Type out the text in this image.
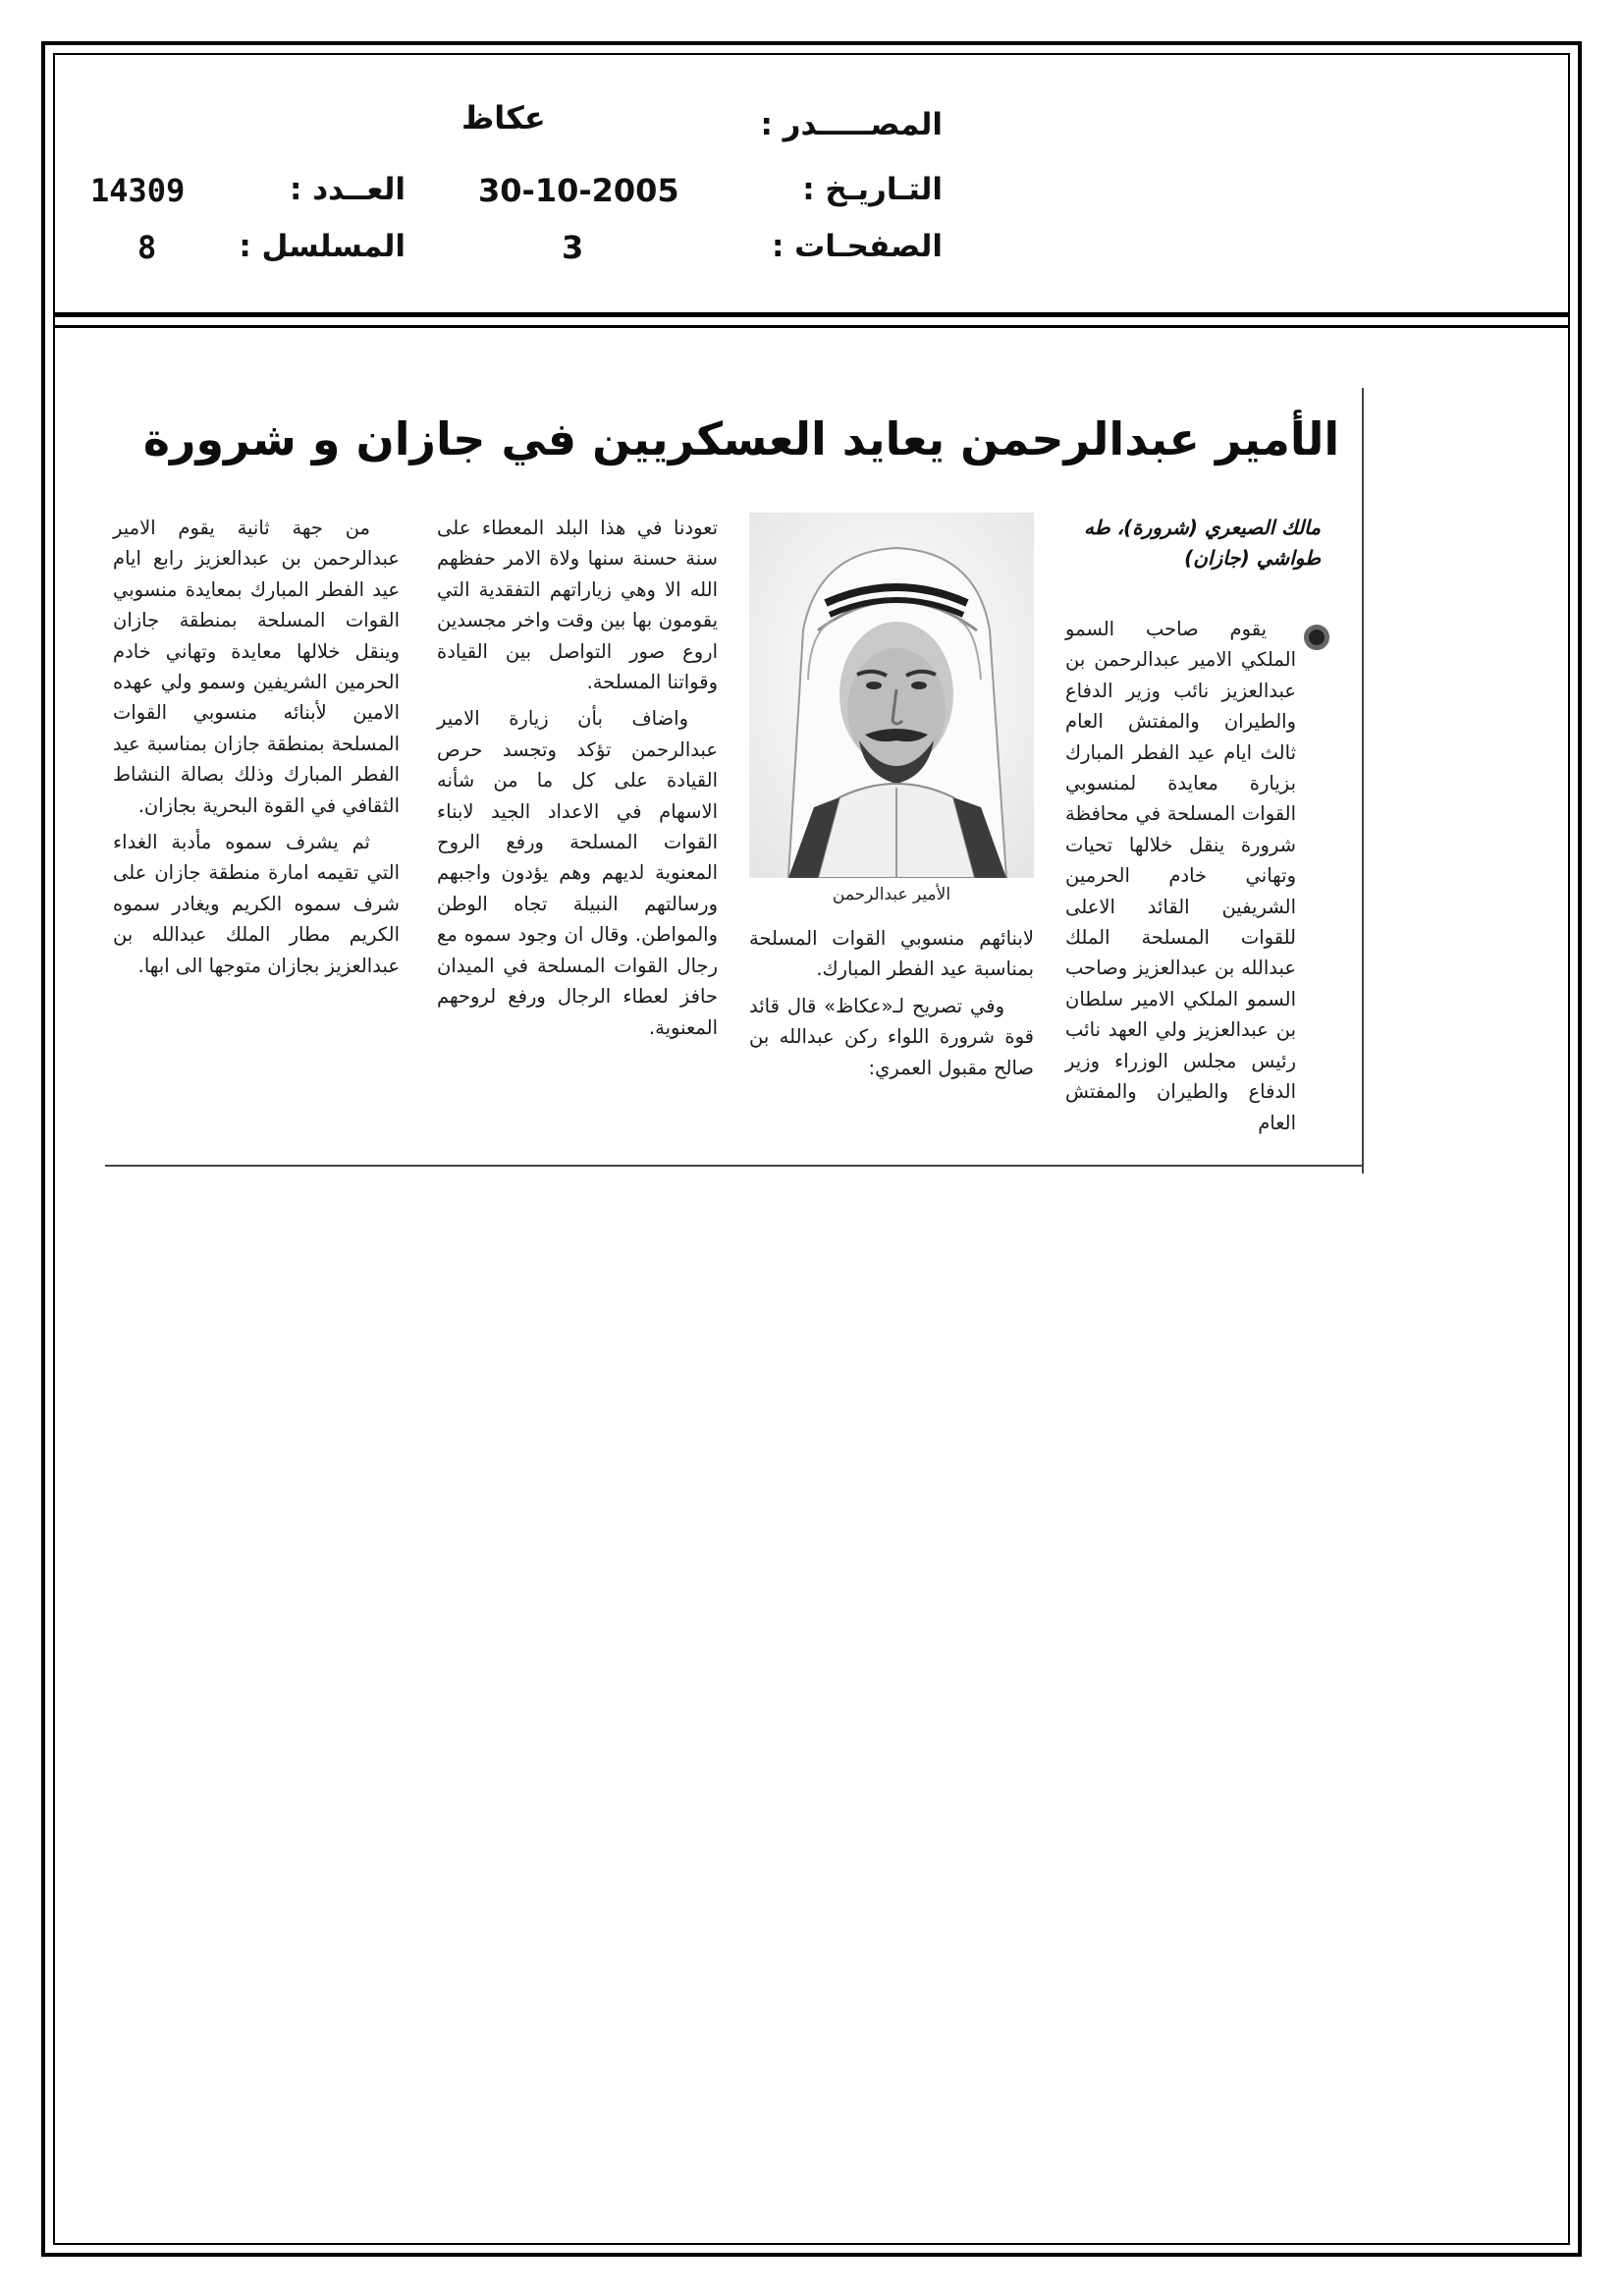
المصـــــدر :
عكاظ
التـاريـخ :
30-10-2005
الصفحـات :
3
العــدد :
14309
المسلسل :
8
الأمير عبدالرحمن يعايد العسكريين في جازان و شرورة
مالك الصيعري (شرورة)، طه
طواشي (جازان)
الأمير عبدالرحمن

يقوم صاحب السمو الملكي الامير عبدالرحمن بن عبدالعزيز نائب وزير الدفاع والطيران والمفتش العام ثالث ايام عيد الفطر المبارك بزيارة معايدة لمنسوبي القوات المسلحة في محافظة شرورة ينقل خلالها تحيات وتهاني خادم الحرمين الشريفين القائد الاعلى للقوات المسلحة الملك عبدالله بن عبدالعزيز وصاحب السمو الملكي الامير سلطان بن عبدالعزيز ولي العهد نائب رئيس مجلس الوزراء وزير الدفاع والطيران والمفتش العام

لابنائهم منسوبي القوات المسلحة بمناسبة عيد الفطر المبارك.

وفي تصريح لـ«عكاظ» قال قائد قوة شرورة اللواء ركن عبدالله بن صالح مقبول العمري:

تعودنا في هذا البلد المعطاء على سنة حسنة سنها ولاة الامر حفظهم الله الا وهي زياراتهم التفقدية التي يقومون بها بين وقت واخر مجسدين اروع صور التواصل بين القيادة وقواتنا المسلحة.

واضاف بأن زيارة الامير عبدالرحمن تؤكد وتجسد حرص القيادة على كل ما من شأنه الاسهام في الاعداد الجيد لابناء القوات المسلحة ورفع الروح المعنوية لديهم وهم يؤدون واجبهم ورسالتهم النبيلة تجاه الوطن والمواطن. وقال ان وجود سموه مع رجال القوات المسلحة في الميدان حافز لعطاء الرجال ورفع لروحهم المعنوية.

من جهة ثانية يقوم الامير عبدالرحمن بن عبدالعزيز رابع ايام عيد الفطر المبارك بمعايدة منسوبي القوات المسلحة بمنطقة جازان وينقل خلالها معايدة وتهاني خادم الحرمين الشريفين وسمو ولي عهده الامين لأبنائه منسوبي القوات المسلحة بمنطقة جازان بمناسبة عيد الفطر المبارك وذلك بصالة النشاط الثقافي في القوة البحرية بجازان.

ثم يشرف سموه مأدبة الغداء التي تقيمه امارة منطقة جازان على شرف سموه الكريم ويغادر سموه الكريم مطار الملك عبدالله بن عبدالعزيز بجازان متوجها الى ابها.
